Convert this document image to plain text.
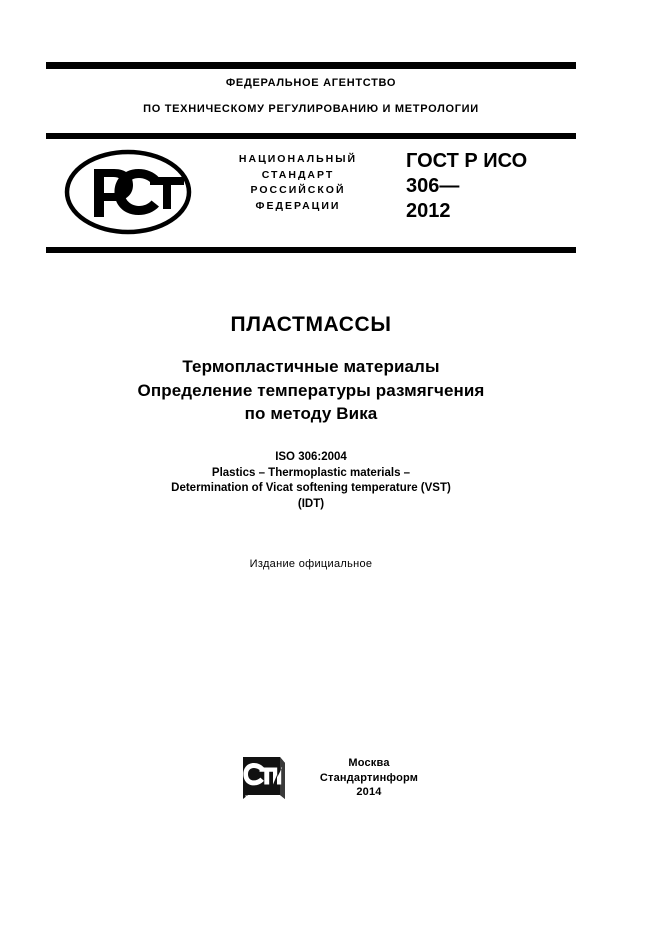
ФЕДЕРАЛЬНОЕ АГЕНТСТВО
ПО ТЕХНИЧЕСКОМУ РЕГУЛИРОВАНИЮ И МЕТРОЛОГИИ
НАЦИОНАЛЬНЫЙ
СТАНДАРТ
РОССИЙСКОЙ
ФЕДЕРАЦИИ
ГОСТ Р ИСО
306—
2012
ПЛАСТМАССЫ
Термопластичные материалы
Определение температуры размягчения
по методу Вика
ISO 306:2004
Plastics – Thermoplastic materials –
Determination of Vicat softening temperature (VST)
(IDT)
Издание официальное
Москва
Стандартинформ
2014
